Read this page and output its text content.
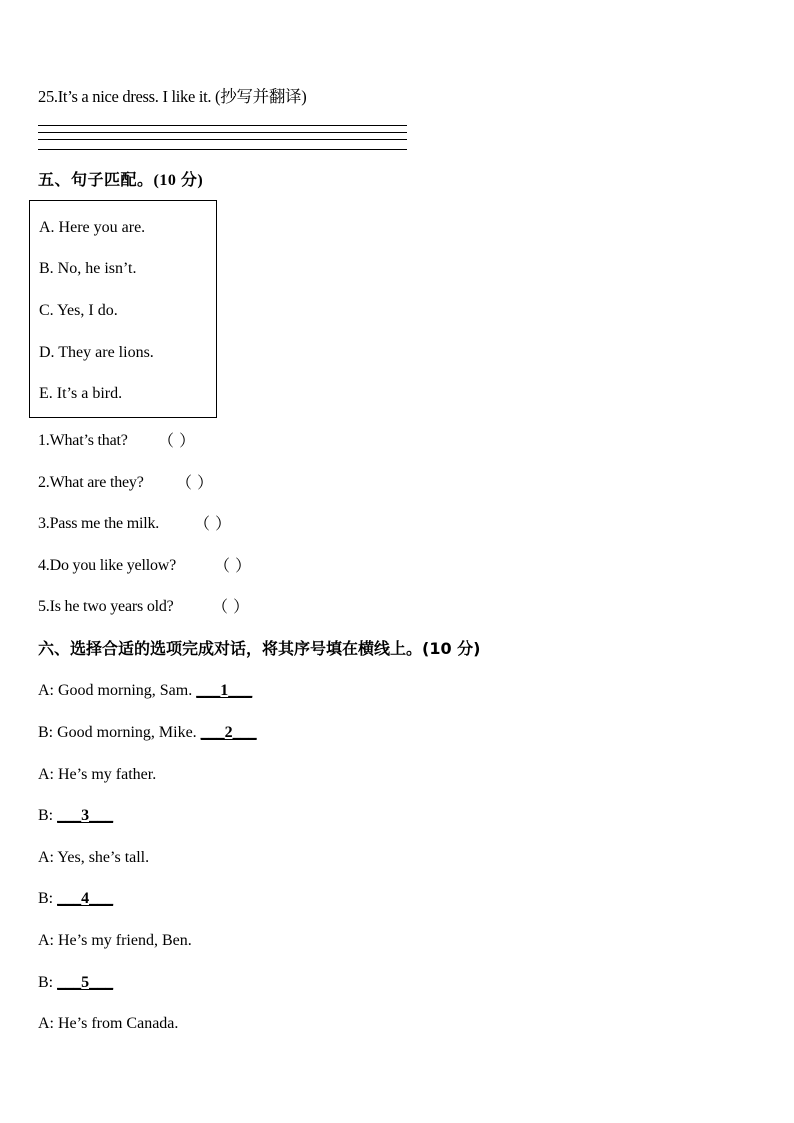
25.It’s a nice dress. I like it. (抄写并翻译)
五、句子匹配。(10 分)
A. Here you are.
B. No, he isn’t.
C. Yes, I do.
D. They are lions.
E. It’s a bird.
1.What’s that? （ ）
2.What are they? （ ）
3.Pass me the milk. （ ）
4.Do you like yellow? （ ）
5.Is he two years old? （ ）
六、选择合适的选项完成对话，将其序号填在横线上。(10 分)
A: Good morning, Sam. ___1___
B: Good morning, Mike. ___2___
A: He’s my father.
B: ___3___
A: Yes, she’s tall.
B: ___4___
A: He’s my friend, Ben.
B: ___5___
A: He’s from Canada.
